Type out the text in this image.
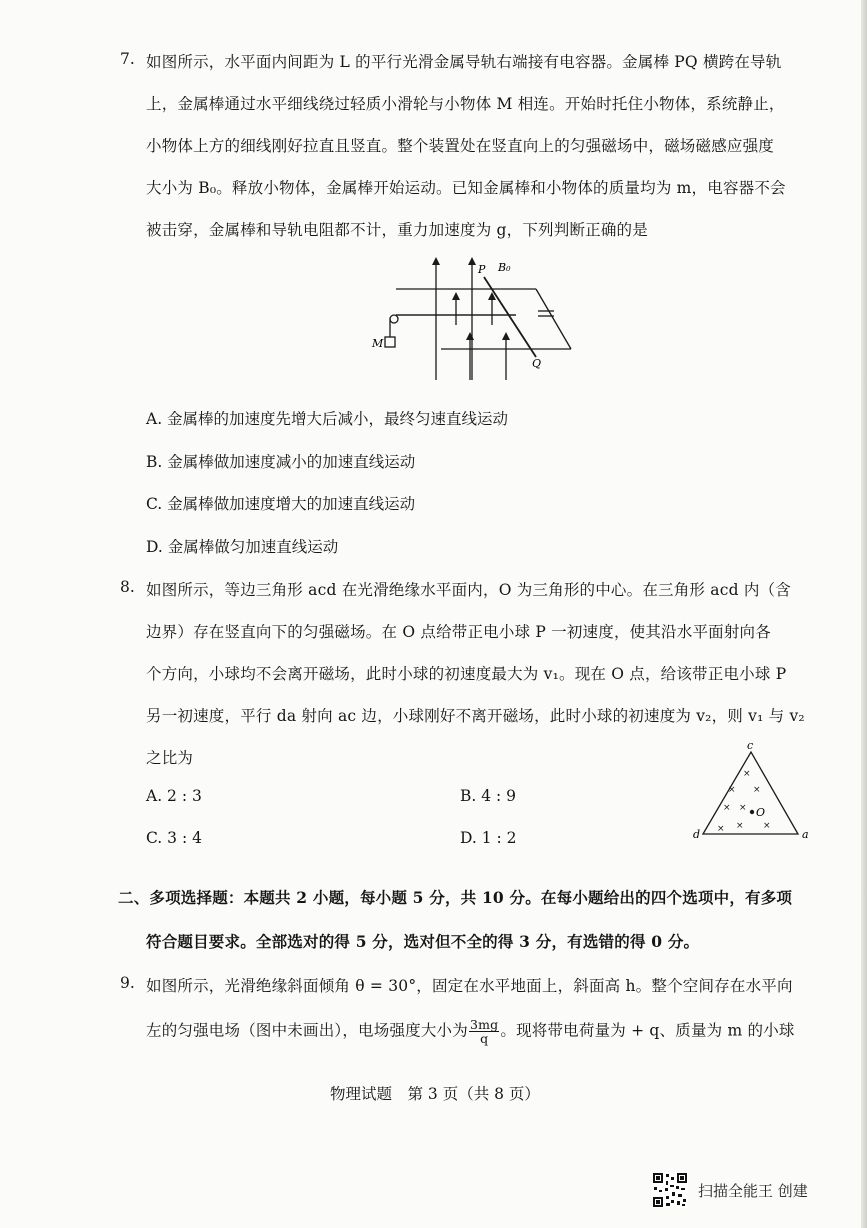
7. 如图所示，水平面内间距为 L 的平行光滑金属导轨右端接有电容器。金属棒 PQ 横跨在导轨
上，金属棒通过水平细线绕过轻质小滑轮与小物体 M 相连。开始时托住小物体，系统静止，
小物体上方的细线刚好拉直且竖直。整个装置处在竖直向上的匀强磁场中，磁场磁感应强度
大小为 B₀。释放小物体，金属棒开始运动。已知金属棒和小物体的质量均为 m，电容器不会
被击穿，金属棒和导轨电阻都不计，重力加速度为 g，下列判断正确的是
P B₀
Q
M
A. 金属棒的加速度先增大后减小，最终匀速直线运动
B. 金属棒做加速度减小的加速直线运动
C. 金属棒做加速度增大的加速直线运动
D. 金属棒做匀加速直线运动
8. 如图所示，等边三角形 acd 在光滑绝缘水平面内，O 为三角形的中心。在三角形 acd 内（含
边界）存在竖直向下的匀强磁场。在 O 点给带正电小球 P 一初速度，使其沿水平面射向各
个方向，小球均不会离开磁场，此时小球的初速度最大为 v₁。现在 O 点，给该带正电小球 P
另一初速度，平行 da 射向 ac 边，小球刚好不离开磁场，此时小球的初速度为 v₂，则 v₁ 与 v₂
之比为
A. 2 : 3	B. 4 : 9
C. 3 : 4	D. 1 : 2
×
× ×
× ×
× × ×
O
c
d	a
二、多项选择题：本题共 2 小题，每小题 5 分，共 10 分。在每小题给出的四个选项中，有多项
符合题目要求。全部选对的得 5 分，选对但不全的得 3 分，有选错的得 0 分。
9. 如图所示，光滑绝缘斜面倾角 θ = 30°，固定在水平地面上，斜面高 h。整个空间存在水平向
左的匀强电场（图中未画出），电场强度大小为 $\frac{3mg}{q}$ 。现将带电荷量为 + q、质量为 m 的小球
物理试题　第 3 页（共 8 页）
扫描全能王 创建
